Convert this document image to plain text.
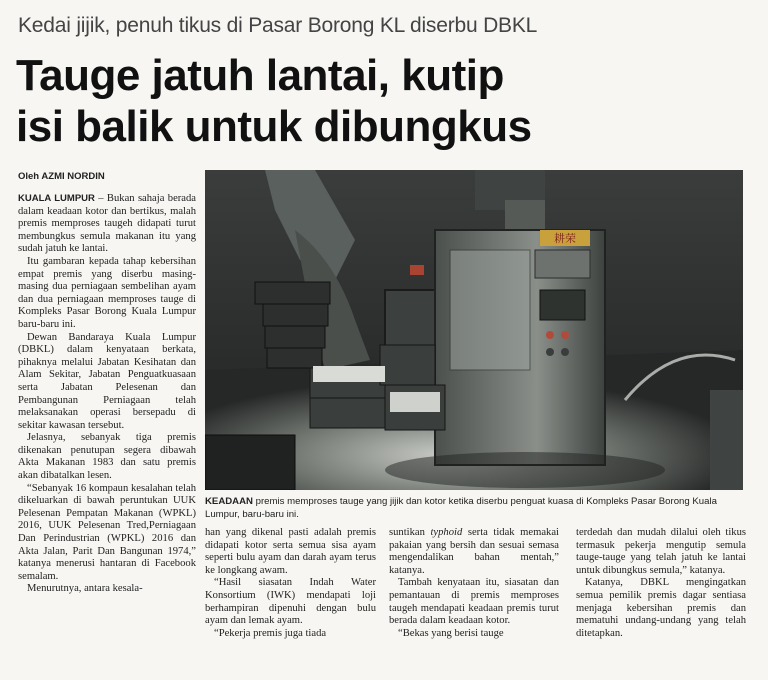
Kedai jijik, penuh tikus di Pasar Borong KL diserbu DBKL
Tauge jatuh lantai, kutip
isi balik untuk dibungkus
Oleh AZMI NORDIN

KUALA LUMPUR – Bukan sahaja berada dalam keadaan kotor dan bertikus, malah premis memproses taugeh didapati turut membungkus semula makanan itu yang sudah jatuh ke lantai.

Itu gambaran kepada tahap kebersihan empat premis yang diserbu masing-masing dua perniagaan sembelihan ayam dan dua perniagaan memproses tauge di Kompleks Pasar Borong Kuala Lumpur baru-baru ini.

Dewan Bandaraya Kuala Lumpur (DBKL) dalam kenyataan berkata, pihaknya melalui Jabatan Kesihatan dan Alam Sekitar, Jabatan Penguatkuasaan serta Jabatan Pelesenan dan Pembangunan Perniagaan telah melaksanakan operasi bersepadu di sekitar kawasan tersebut.

Jelasnya, sebanyak tiga premis dikenakan penutupan segera dibawah Akta Makanan 1983 dan satu premis akan dibatalkan lesen.

“Sebanyak 16 kompaun kesalahan telah dikeluarkan di bawah peruntukan UUK Pelesenan Pempatan Makanan (WPKL) 2016, UUK Pelesenan Tred,Perniagaan Dan Perindustrian (WPKL) 2016 dan Akta Jalan, Parit Dan Bangunan 1974,” katanya menerusi hantaran di Facebook semalam.

Menurutnya, antara kesala-

耕荣
KEADAAN premis memproses tauge yang jijik dan kotor ketika diserbu penguat kuasa di Kompleks Pasar Borong Kuala Lumpur, baru-baru ini.

han yang dikenal pasti adalah premis didapati kotor serta semua sisa ayam seperti bulu ayam dan darah ayam terus ke longkang awam.

“Hasil siasatan Indah Water Konsortium (IWK) mendapati loji berhampiran dipenuhi dengan bulu ayam dan lemak ayam.

“Pekerja premis juga tiada

suntikan typhoid serta tidak memakai pakaian yang bersih dan sesuai semasa mengendalikan bahan mentah,” katanya.

Tambah kenyataan itu, siasatan dan pemantauan di premis memproses taugeh mendapati keadaan premis turut berada dalam keadaan kotor.

“Bekas yang berisi tauge

terdedah dan mudah dilalui oleh tikus termasuk pekerja mengutip semula tauge-tauge yang telah jatuh ke lantai untuk dibungkus semula,” katanya.

Katanya, DBKL mengingatkan semua pemilik premis dagar sentiasa menjaga kebersihan premis dan mematuhi undang-undang yang telah ditetapkan.
